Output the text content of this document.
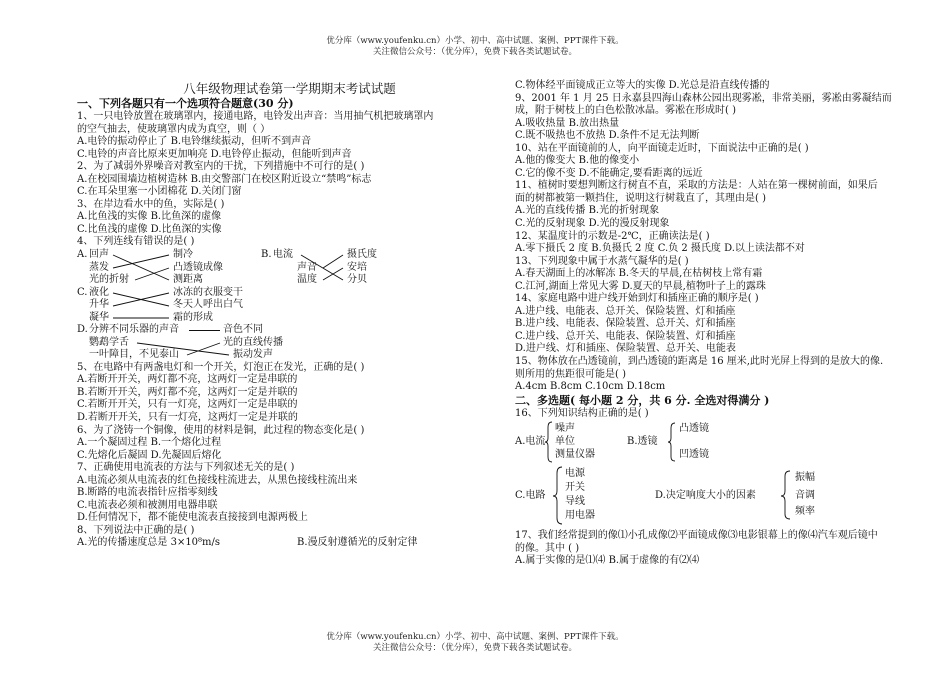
优分库（www.youfenku.cn）小学、初中、高中试题、案例、PPT课件下载。
关注微信公众号：（优分库），免费下载各类试题试卷。
八年级物理试卷第一学期期末考试试题
一、下列各题只有一个选项符合题意(30 分)
1、一只电铃放置在玻璃罩内，接通电路，电铃发出声音：当用抽气机把玻璃罩内
的空气抽去，使玻璃罩内成为真空，则（ ）
A.电铃的振动停止了 B.电铃继续振动，但听不到声音
C.电铃的声音比原来更加响亮 D.电铃停止振动，但能听到声音
2、为了减弱外界噪音对教室内的干扰，下列措施中不可行的是( )
A.在校园围墙边植树造林 B.由交警部门在校区附近设立“禁鸣”标志
C.在耳朵里塞一小团棉花 D.关闭门窗
3、在岸边看水中的鱼，实际是( )
A.比鱼浅的实像 B.比鱼深的虚像
C.比鱼浅的虚像 D.比鱼深的实像
4、下列连线有错误的是( )
A. 回声
蒸发
光的折射
制冷
凸透镜成像
测距离
B. 电流
声音
温度
摄氏度
安培
分贝
C. 液化
升华
凝华
冰冻的衣服变干
冬天人呼出白气
霜的形成
D. 分辨不同乐器的声音	音色不同
鹦鹉学舌	光的直线传播
一叶障目，不见泰山	振动发声
5、在电路中有两盏电灯和一个开关，灯泡正在发光，正确的是( )
A.若断开开关，两灯都不亮，这两灯一定是串联的
B.若断开开关，两灯都不亮，这两灯一定是并联的
C.若断开开关，只有一灯亮，这两灯一定是串联的
D.若断开开关，只有一灯亮，这两灯一定是并联的
6、为了浇铸一个铜像，使用的材料是铜，此过程的物态变化是( )
A.一个凝固过程 B.一个熔化过程
C.先熔化后凝固 D.先凝固后熔化
7、正确使用电流表的方法与下列叙述无关的是( )
A.电流必须从电流表的红色接线柱流进去，从黑色接线柱流出来
B.断路的电流表指针应指零刻线
C.电流表必须和被测用电器串联
D.任何情况下，都不能使电流表直接接到电源两极上
8、下列说法中正确的是( )
A.光的传播速度总是 3×10⁸m/s	B.漫反射遵循光的反射定律
C.物体经平面镜成正立等大的实像 D.光总是沿直线传播的
9、2001 年 1 月 25 日永嘉县四海山森林公园出现雾凇，非常美丽，雾凇由雾凝结而
成，附于树枝上的白色松散冰晶。雾凇在形成时( )
A.吸收热量 B.放出热量
C.既不吸热也不放热 D.条件不足无法判断
10、站在平面镜前的人，向平面镜走近时，下面说法中正确的是( )
A.他的像变大 B.他的像变小
C.它的像不变 D.不能确定,要看距离的远近
11、植树时要想判断这行树直不直，采取的方法是：人站在第一棵树前面，如果后
面的树都被第一颗挡住，说明这行树栽直了，其理由是( )
A.光的直线传播 B.光的折射现象
C.光的反射现象 D.光的漫反射现象
12、某温度计的示数是-2℃，正确读法是( )
A.零下摄氏 2 度 B.负摄氏 2 度 C.负 2 摄氏度 D.以上读法都不对
13、下列现象中属于水蒸气凝华的是( )
A.春天湖面上的冰解冻 B.冬天的早晨,在枯树枝上常有霜
C.江河,湖面上常见大雾 D.夏天的早晨,植物叶子上的露珠
14、家庭电路中进户线开始到灯和插座正确的顺序是( )
A.进户线、电能表、总开关、保险装置、灯和插座
B.进户线、电能表、保险装置、总开关、灯和插座
C.进户线、总开关、电能表、保险装置、灯和插座
D.进户线、灯和插座、保险装置、总开关、电能表
15、物体放在凸透镜前，到凸透镜的距离是 16 厘米,此时光屏上得到的是放大的像.
则所用的焦距很可能是( )
A.4cm B.8cm C.10cm D.18cm
二、多选题( 每小题 2 分，共 6 分. 全选对得满分 )
16、下列知识结构正确的是( )
A.电流
噪声
单位
测量仪器
B.透镜
凸透镜
凹透镜
C.电路
电源
开关
导线
用电器
D.决定响度大小的因素
振幅
音调
频率
17、我们经常提到的像⑴小孔成像⑵平面镜成像⑶电影银幕上的像⑷汽车观后镜中
的像。其中 ( )
A.属于实像的是⑴⑷ B.属于虚像的有⑵⑷
优分库（www.youfenku.cn）小学、初中、高中试题、案例、PPT课件下载。
关注微信公众号：（优分库），免费下载各类试题试卷。
